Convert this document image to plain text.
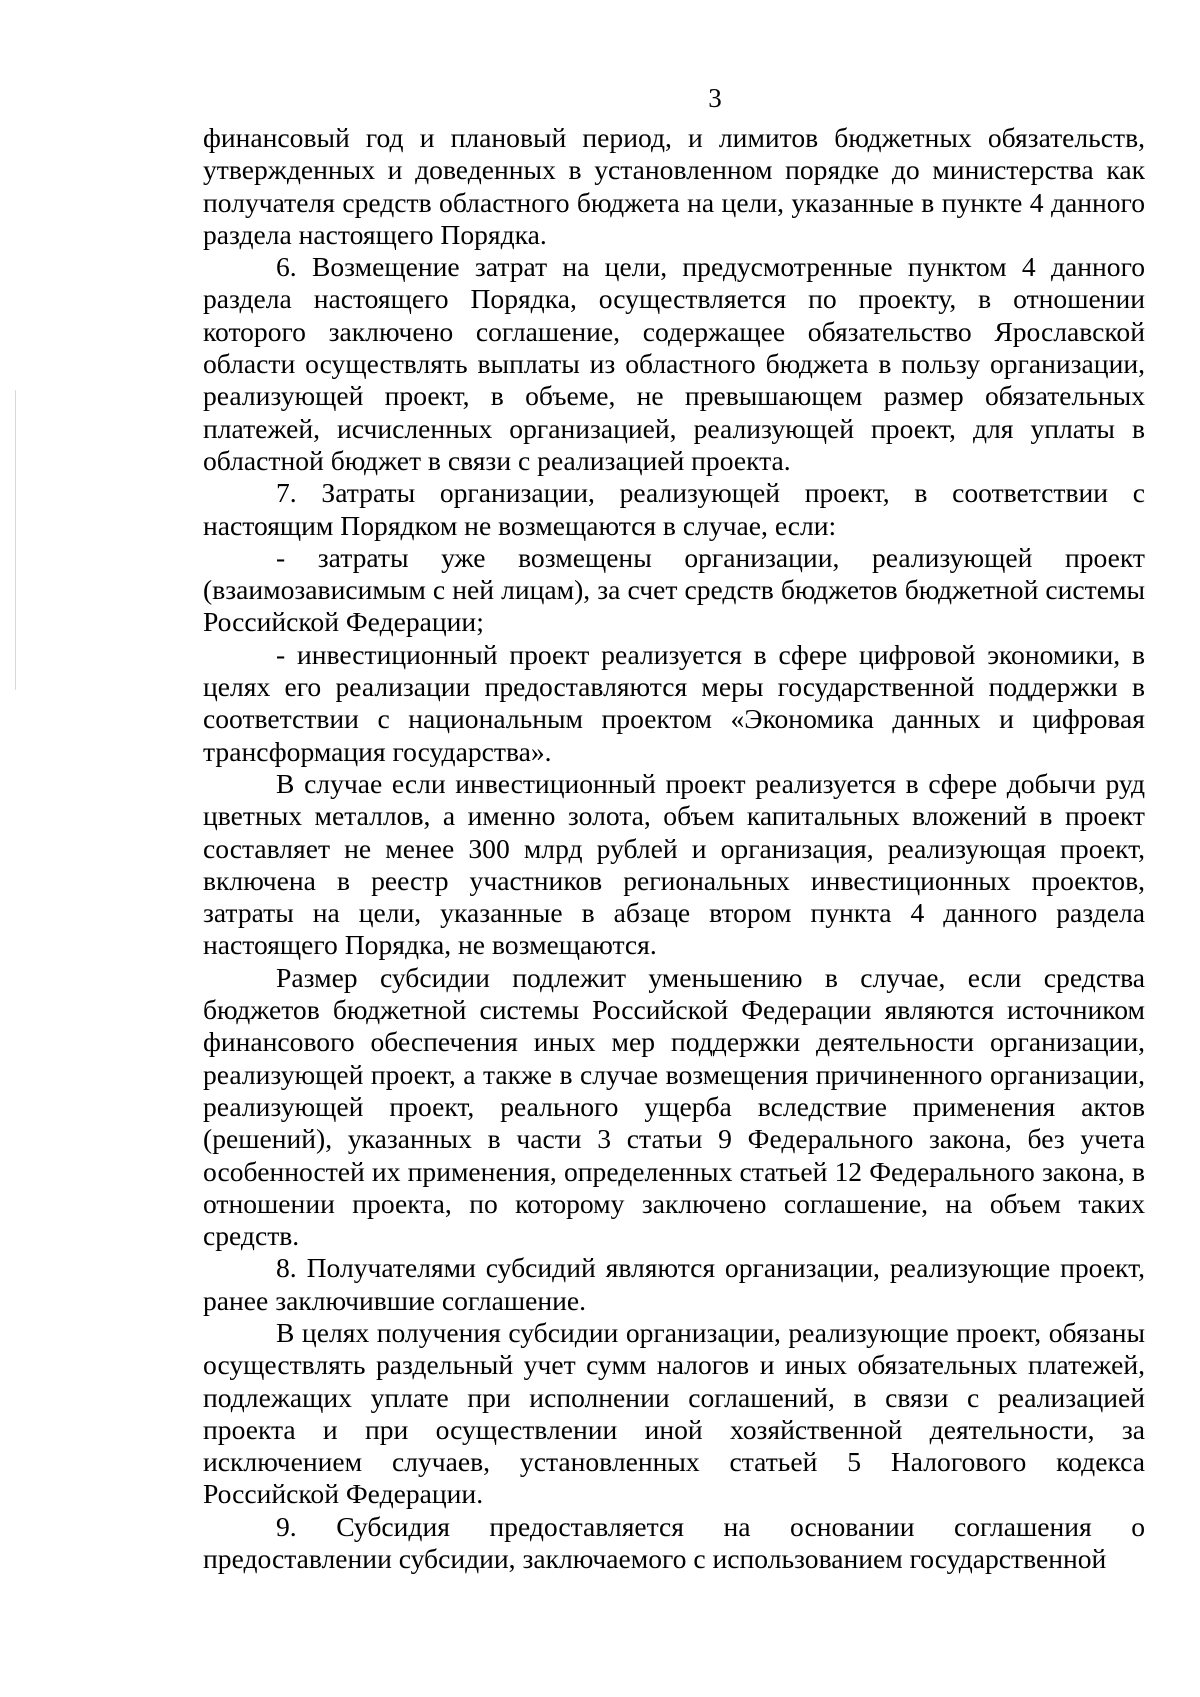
3

финансовый год и плановый период, и лимитов бюджетных обязательств, утвержденных и доведенных в установленном порядке до министерства как получателя средств областного бюджета на цели, указанные в пункте 4 данного раздела настоящего Порядка.

6. Возмещение затрат на цели, предусмотренные пунктом 4 данного раздела настоящего Порядка, осуществляется по проекту, в отношении которого заключено соглашение, содержащее обязательство Ярославской области осуществлять выплаты из областного бюджета в пользу организации, реализующей проект, в объеме, не превышающем размер обязательных платежей, исчисленных организацией, реализующей проект, для уплаты в областной бюджет в связи с реализацией проекта.

7. Затраты организации, реализующей проект, в соответствии с настоящим Порядком не возмещаются в случае, если:

- затраты уже возмещены организации, реализующей проект (взаимозависимым с ней лицам), за счет средств бюджетов бюджетной системы Российской Федерации;

- инвестиционный проект реализуется в сфере цифровой экономики, в целях его реализации предоставляются меры государственной поддержки в соответствии с национальным проектом «Экономика данных и цифровая трансформация государства».

В случае если инвестиционный проект реализуется в сфере добычи руд цветных металлов, а именно золота, объем капитальных вложений в проект составляет не менее 300 млрд рублей и организация, реализующая проект, включена в реестр участников региональных инвестиционных проектов, затраты на цели, указанные в абзаце втором пункта 4 данного раздела настоящего Порядка, не возмещаются.

Размер субсидии подлежит уменьшению в случае, если средства бюджетов бюджетной системы Российской Федерации являются источником финансового обеспечения иных мер поддержки деятельности организации, реализующей проект, а также в случае возмещения причиненного организации, реализующей проект, реального ущерба вследствие применения актов (решений), указанных в части 3 статьи 9 Федерального закона, без учета особенностей их применения, определенных статьей 12 Федерального закона, в отношении проекта, по которому заключено соглашение, на объем таких средств.

8. Получателями субсидий являются организации, реализующие проект, ранее заключившие соглашение.

В целях получения субсидии организации, реализующие проект, обязаны осуществлять раздельный учет сумм налогов и иных обязательных платежей, подлежащих уплате при исполнении соглашений, в связи с реализацией проекта и при осуществлении иной хозяйственной деятельности, за исключением случаев, установленных статьей 5 Налогового кодекса Российской Федерации.

9. Субсидия предоставляется на основании соглашения о предоставлении субсидии, заключаемого с использованием государственной
